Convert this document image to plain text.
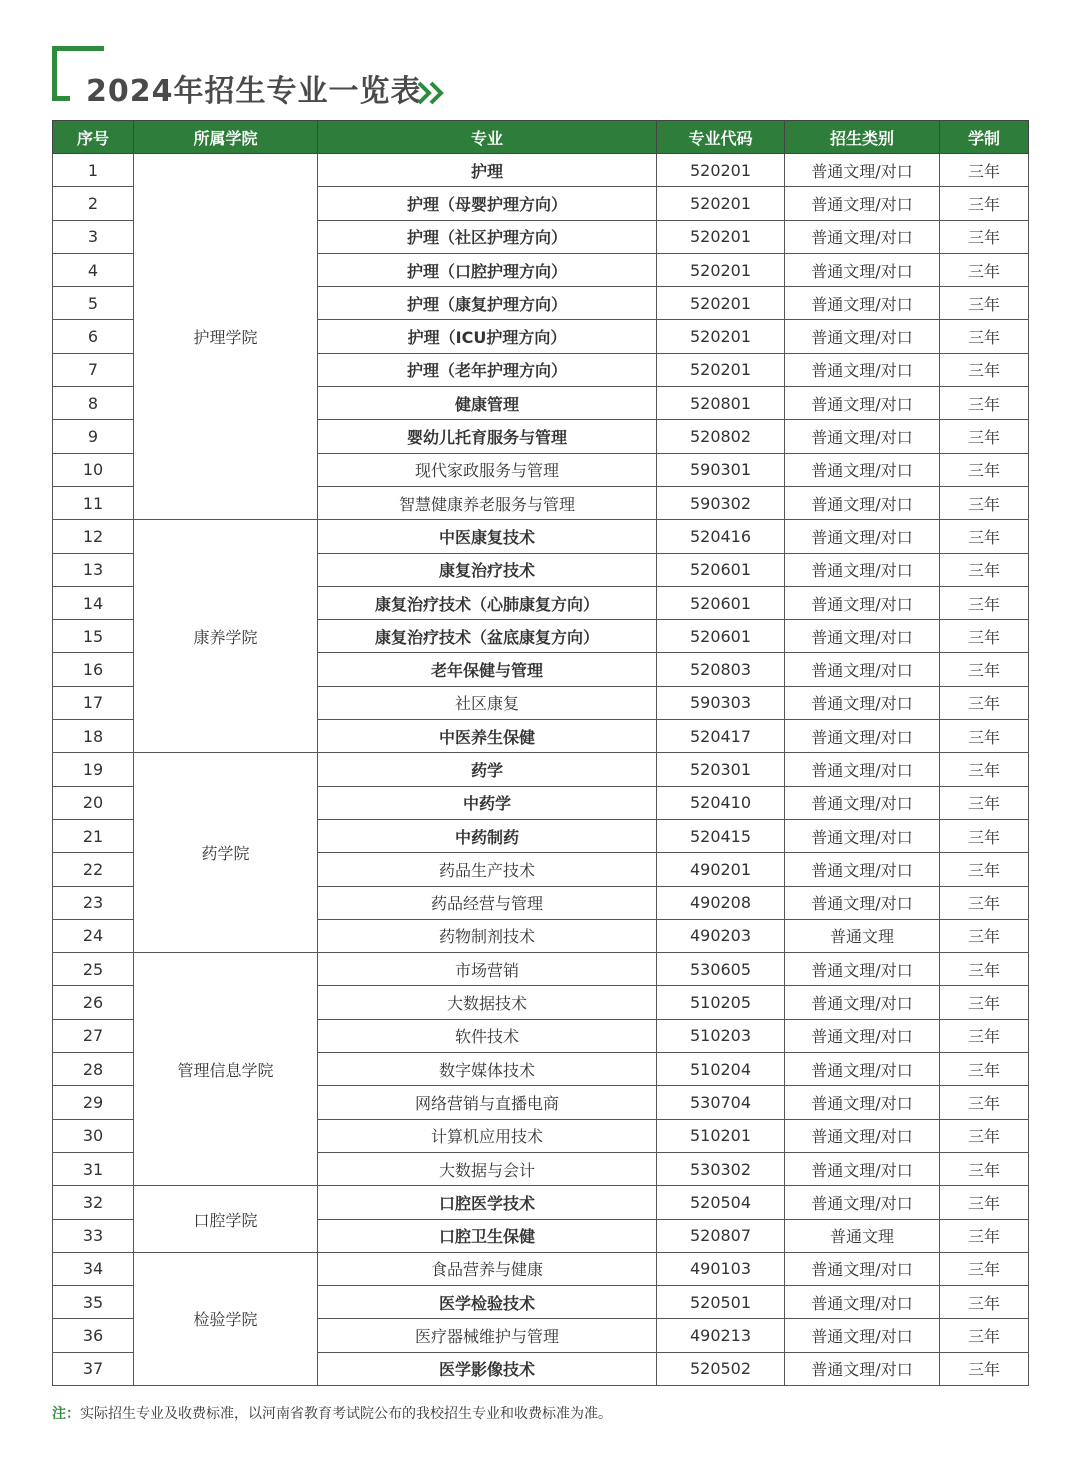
2024年招生专业一览表
序号	所属学院	专业	专业代码	招生类别	学制
1	护理学院	护理	520201	普通文理/对口	三年
2		护理（母婴护理方向）	520201	普通文理/对口	三年
3		护理（社区护理方向）	520201	普通文理/对口	三年
4		护理（口腔护理方向）	520201	普通文理/对口	三年
5		护理（康复护理方向）	520201	普通文理/对口	三年
6		护理（ICU护理方向）	520201	普通文理/对口	三年
7		护理（老年护理方向）	520201	普通文理/对口	三年
8		健康管理	520801	普通文理/对口	三年
9		婴幼儿托育服务与管理	520802	普通文理/对口	三年
10		现代家政服务与管理	590301	普通文理/对口	三年
11		智慧健康养老服务与管理	590302	普通文理/对口	三年
12	康养学院	中医康复技术	520416	普通文理/对口	三年
13		康复治疗技术	520601	普通文理/对口	三年
14		康复治疗技术（心肺康复方向）	520601	普通文理/对口	三年
15		康复治疗技术（盆底康复方向）	520601	普通文理/对口	三年
16		老年保健与管理	520803	普通文理/对口	三年
17		社区康复	590303	普通文理/对口	三年
18		中医养生保健	520417	普通文理/对口	三年
19	药学院	药学	520301	普通文理/对口	三年
20		中药学	520410	普通文理/对口	三年
21		中药制药	520415	普通文理/对口	三年
22		药品生产技术	490201	普通文理/对口	三年
23		药品经营与管理	490208	普通文理/对口	三年
24		药物制剂技术	490203	普通文理	三年
25	管理信息学院	市场营销	530605	普通文理/对口	三年
26		大数据技术	510205	普通文理/对口	三年
27		软件技术	510203	普通文理/对口	三年
28		数字媒体技术	510204	普通文理/对口	三年
29		网络营销与直播电商	530704	普通文理/对口	三年
30		计算机应用技术	510201	普通文理/对口	三年
31		大数据与会计	530302	普通文理/对口	三年
32	口腔学院	口腔医学技术	520504	普通文理/对口	三年
33		口腔卫生保健	520807	普通文理	三年
34	检验学院	食品营养与健康	490103	普通文理/对口	三年
35		医学检验技术	520501	普通文理/对口	三年
36		医疗器械维护与管理	490213	普通文理/对口	三年
37		医学影像技术	520502	普通文理/对口	三年
注：实际招生专业及收费标准，以河南省教育考试院公布的我校招生专业和收费标准为准。
